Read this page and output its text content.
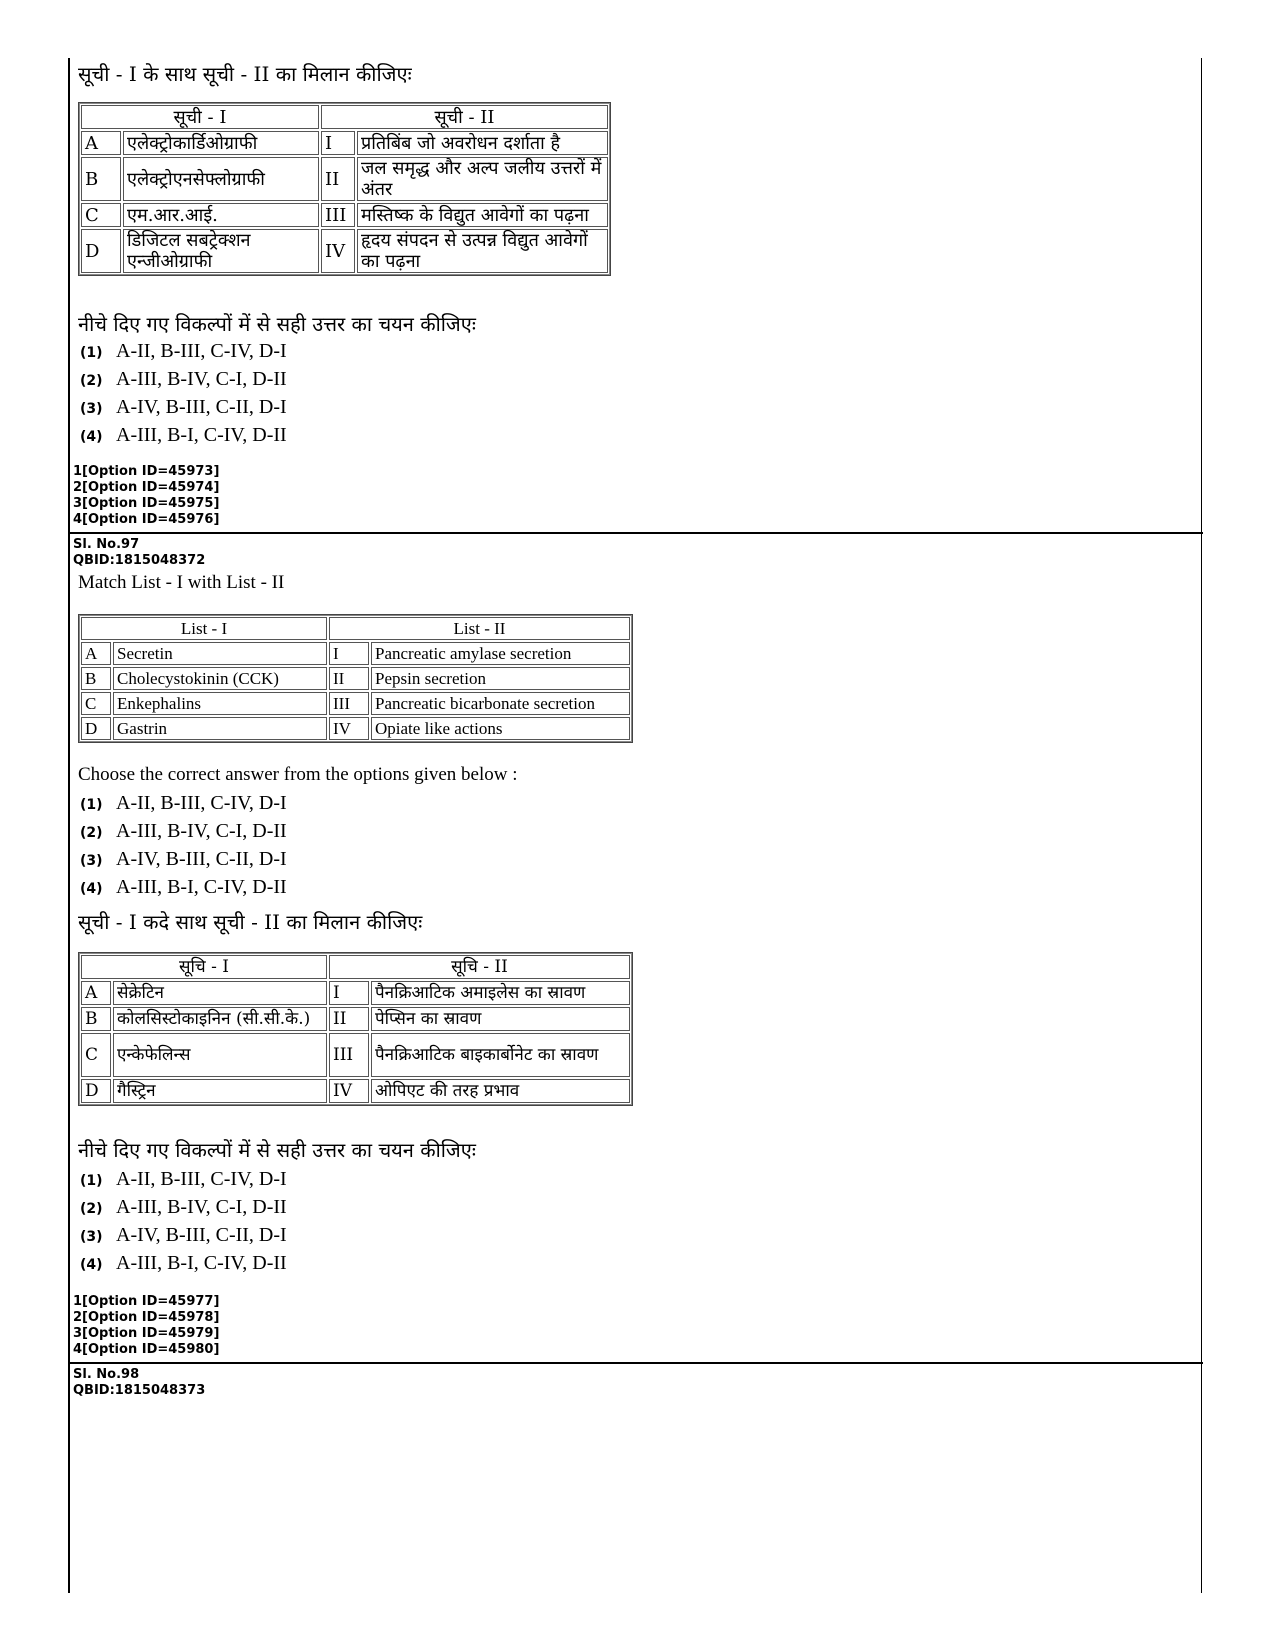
सूची - I के साथ सूची - II का मिलान कीजिएः
सूची - I		सूची - II	
A	एलेक्ट्रोकार्डिओग्राफी	I	प्रतिबिंब जो अवरोधन दर्शाता है
B	एलेक्ट्रोएनसेफ्लोग्राफी	II	जल समृद्ध और अल्प जलीय उत्तरों में अंतर
C	एम.आर.आई.	III	मस्तिष्क के विद्युत आवेगों का पढ़ना
D	डिजिटल सबट्रेक्शन एन्जीओग्राफी	IV	हृदय संपदन से उत्पन्न विद्युत आवेगों का पढ़ना
नीचे दिए गए विकल्पों में से सही उत्तर का चयन कीजिएः
(1) A-II, B-III, C-IV, D-I
(2) A-III, B-IV, C-I, D-II
(3) A-IV, B-III, C-II, D-I
(4) A-III, B-I, C-IV, D-II
1[Option ID=45973]
2[Option ID=45974]
3[Option ID=45975]
4[Option ID=45976]
Sl. No.97
QBID:1815048372
Match List - I with List - II
List - I		List - II	
A	Secretin	I	Pancreatic amylase secretion
B	Cholecystokinin (CCK)	II	Pepsin secretion
C	Enkephalins	III	Pancreatic bicarbonate secretion
D	Gastrin	IV	Opiate like actions
Choose the correct answer from the options given below :
(1) A-II, B-III, C-IV, D-I
(2) A-III, B-IV, C-I, D-II
(3) A-IV, B-III, C-II, D-I
(4) A-III, B-I, C-IV, D-II
सूची - I कदे साथ सूची - II का मिलान कीजिएः
सूचि - I		सूचि - II	
A	सेक्रेटिन	I	पैनक्रिआटिक अमाइलेस का स्रावण
B	कोलसिस्टोकाइनिन (सी.सी.के.)	II	पेप्सिन का स्रावण
C	एन्केफेलिन्स	III	पैनक्रिआटिक बाइकार्बोनेट का स्रावण
D	गैस्ट्रिन	IV	ओपिएट की तरह प्रभाव
नीचे दिए गए विकल्पों में से सही उत्तर का चयन कीजिएः
(1) A-II, B-III, C-IV, D-I
(2) A-III, B-IV, C-I, D-II
(3) A-IV, B-III, C-II, D-I
(4) A-III, B-I, C-IV, D-II
1[Option ID=45977]
2[Option ID=45978]
3[Option ID=45979]
4[Option ID=45980]
Sl. No.98
QBID:1815048373
